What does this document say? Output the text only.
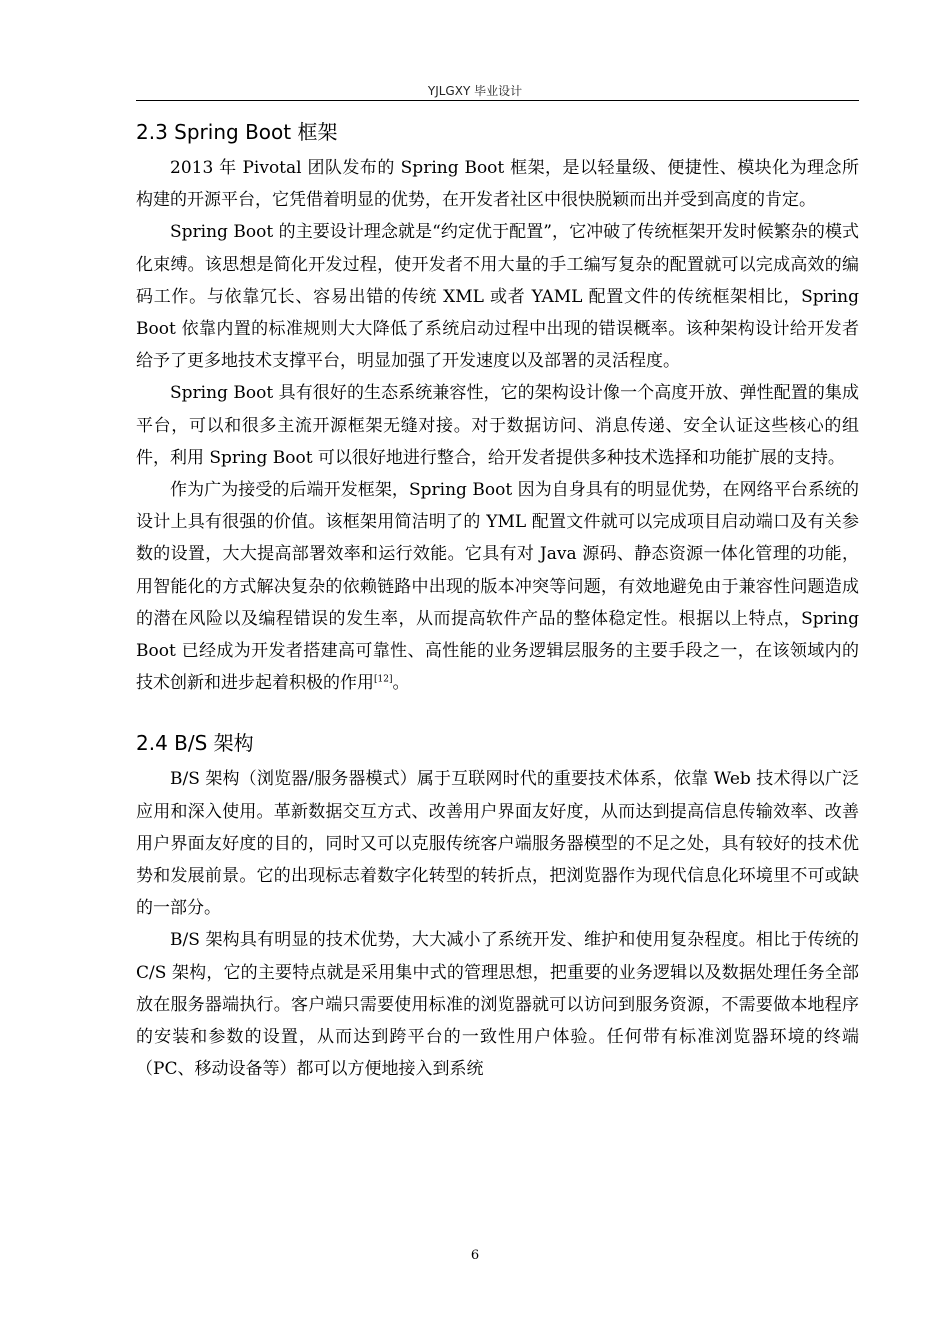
YJLGXY 毕业设计
2.3 Spring Boot 框架

2013 年 Pivotal 团队发布的 Spring Boot 框架，是以轻量级、便捷性、模块化为理念所构建的开源平台，它凭借着明显的优势，在开发者社区中很快脱颖而出并受到高度的肯定。

Spring Boot 的主要设计理念就是“约定优于配置”，它冲破了传统框架开发时候繁杂的模式化束缚。该思想是简化开发过程，使开发者不用大量的手工编写复杂的配置就可以完成高效的编码工作。与依靠冗长、容易出错的传统 XML 或者 YAML 配置文件的传统框架相比，Spring Boot 依靠内置的标准规则大大降低了系统启动过程中出现的错误概率。该种架构设计给开发者给予了更多地技术支撑平台，明显加强了开发速度以及部署的灵活程度。

Spring Boot 具有很好的生态系统兼容性，它的架构设计像一个高度开放、弹性配置的集成平台，可以和很多主流开源框架无缝对接。对于数据访问、消息传递、安全认证这些核心的组件，利用 Spring Boot 可以很好地进行整合，给开发者提供多种技术选择和功能扩展的支持。

作为广为接受的后端开发框架，Spring Boot 因为自身具有的明显优势，在网络平台系统的设计上具有很强的价值。该框架用简洁明了的 YML 配置文件就可以完成项目启动端口及有关参数的设置，大大提高部署效率和运行效能。它具有对 Java 源码、静态资源一体化管理的功能，用智能化的方式解决复杂的依赖链路中出现的版本冲突等问题，有效地避免由于兼容性问题造成的潜在风险以及编程错误的发生率，从而提高软件产品的整体稳定性。根据以上特点，Spring Boot 已经成为开发者搭建高可靠性、高性能的业务逻辑层服务的主要手段之一，在该领域内的技术创新和进步起着积极的作用[12]。

2.4 B/S 架构

B/S 架构（浏览器/服务器模式）属于互联网时代的重要技术体系，依靠 Web 技术得以广泛应用和深入使用。革新数据交互方式、改善用户界面友好度，从而达到提高信息传输效率、改善用户界面友好度的目的，同时又可以克服传统客户端服务器模型的不足之处，具有较好的技术优势和发展前景。它的出现标志着数字化转型的转折点，把浏览器作为现代信息化环境里不可或缺的一部分。

B/S 架构具有明显的技术优势，大大减小了系统开发、维护和使用复杂程度。相比于传统的 C/S 架构，它的主要特点就是采用集中式的管理思想，把重要的业务逻辑以及数据处理任务全部放在服务器端执行。客户端只需要使用标准的浏览器就可以访问到服务资源，不需要做本地程序的安装和参数的设置，从而达到跨平台的一致性用户体验。任何带有标准浏览器环境的终端（PC、移动设备等）都可以方便地接入到系统

6
